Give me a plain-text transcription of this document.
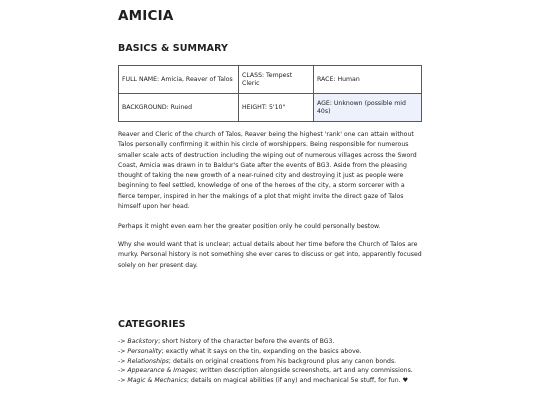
AMICIA
BASICS & SUMMARY
FULL NAME: Amicia, Reaver of Talos	CLASS: Tempest Cleric	RACE: Human
BACKGROUND: Ruined	HEIGHT: 5'10"	AGE: Unknown (possible mid 40s)

Reaver and Cleric of the church of Talos, Reaver being the highest 'rank' one can attain without Talos personally confirming it within his circle of worshippers. Being responsible for numerous smaller scale acts of destruction including the wiping out of numerous villages across the Sword Coast, Amicia was drawn in to Baldur's Gate after the events of BG3. Aside from the pleasing thought of taking the new growth of a near-ruined city and destroying it just as people were beginning to feel settled, knowledge of one of the heroes of the city, a storm sorcerer with a fierce temper, inspired in her the makings of a plot that might invite the direct gaze of Talos himself upon her head.

Perhaps it might even earn her the greater position only he could personally bestow.

Why she would want that is unclear; actual details about her time before the Church of Talos are murky. Personal history is not something she ever cares to discuss or get into, apparently focused solely on her present day.

CATEGORIES
-> Backstory; short history of the character before the events of BG3.
-> Personality; exactly what it says on the tin, expanding on the basics above.
-> Relationships; details on original creations from his background plus any canon bonds.
-> Appearance & Images; written description alongside screenshots, art and any commissions.
-> Magic & Mechanics; details on magical abilities (if any) and mechanical 5e stuff, for fun. ♥
